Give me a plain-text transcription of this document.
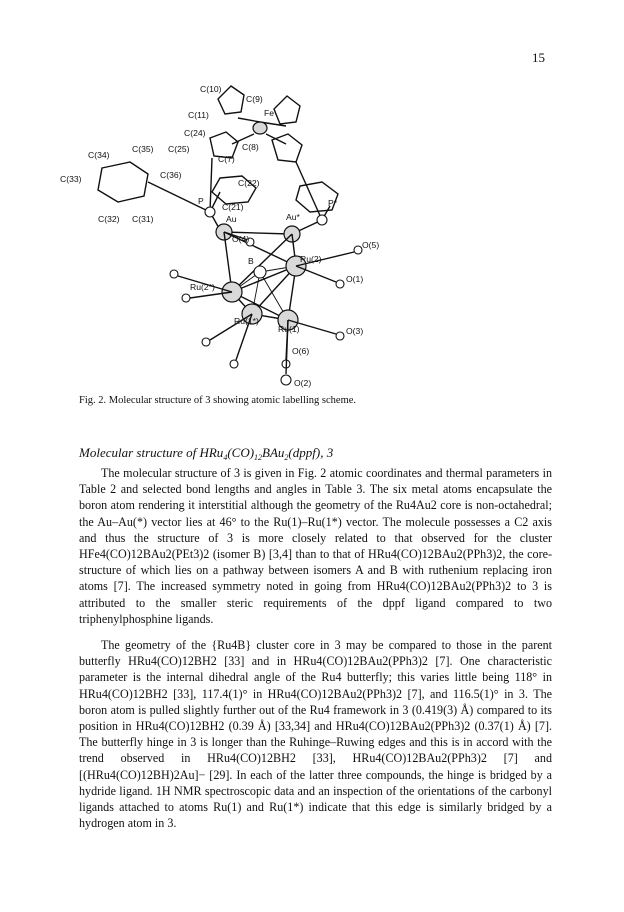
15
C(10)
C(9)
C(11)	Fe
C(24)
C(8)
C(34)
C(35) C(25)
C(7)
C(33)	C(36)
C(22)
P	P*
C(21)
C(32) C(31)	Au	Au*
O(4)
O(5)
B	Ru(2)
O(1)
Ru(2*)
Ru(1*)
Ru(1)	O(3)
O(6)
O(2)
Fig. 2. Molecular structure of 3 showing atomic labelling scheme.
Molecular structure of $HRu_4(CO)_{12}BAu_2(dppf)$, 3

The molecular structure of 3 is given in Fig. 2 atomic coordinates and thermal parameters in Table 2 and selected bond lengths and angles in Table 3. The six metal atoms encapsulate the boron atom rendering it interstitial although the geometry of the Ru4Au2 core is non-octahedral; the Au–Au(*) vector lies at 46° to the Ru(1)–Ru(1*) vector. The molecule possesses a C2 axis and thus the structure of 3 is more closely related to that observed for the cluster HFe4(CO)12BAu2(PEt3)2 (isomer B) [3,4] than to that of HRu4(CO)12BAu2(PPh3)2, the core-structure of which lies on a pathway between isomers A and B with ruthenium replacing iron atoms [7]. The increased symmetry noted in going from HRu4(CO)12BAu2(PPh3)2 to 3 is attributed to the smaller steric requirements of the dppf ligand compared to two triphenylphosphine ligands.

The geometry of the {Ru4B} cluster core in 3 may be compared to those in the parent butterfly HRu4(CO)12BH2 [33] and in HRu4(CO)12BAu2(PPh3)2 [7]. One characteristic parameter is the internal dihedral angle of the Ru4 butterfly; this varies little being 118° in HRu4(CO)12BH2 [33], 117.4(1)° in HRu4(CO)12BAu2(PPh3)2 [7], and 116.5(1)° in 3. The boron atom is pulled slightly further out of the Ru4 framework in 3 (0.419(3) Å) compared to its position in HRu4(CO)12BH2 (0.39 Å) [33,34] and HRu4(CO)12BAu2(PPh3)2 (0.37(1) Å) [7]. The butterfly hinge in 3 is longer than the Ruhinge–Ruwing edges and this is in accord with the trend observed in HRu4(CO)12BH2 [33], HRu4(CO)12BAu2(PPh3)2 [7] and [(HRu4(CO)12BH)2Au]− [29]. In each of the latter three compounds, the hinge is bridged by a hydride ligand. 1H NMR spectroscopic data and an inspection of the orientations of the carbonyl ligands attached to atoms Ru(1) and Ru(1*) indicate that this edge is similarly bridged by a hydrogen atom in 3.
